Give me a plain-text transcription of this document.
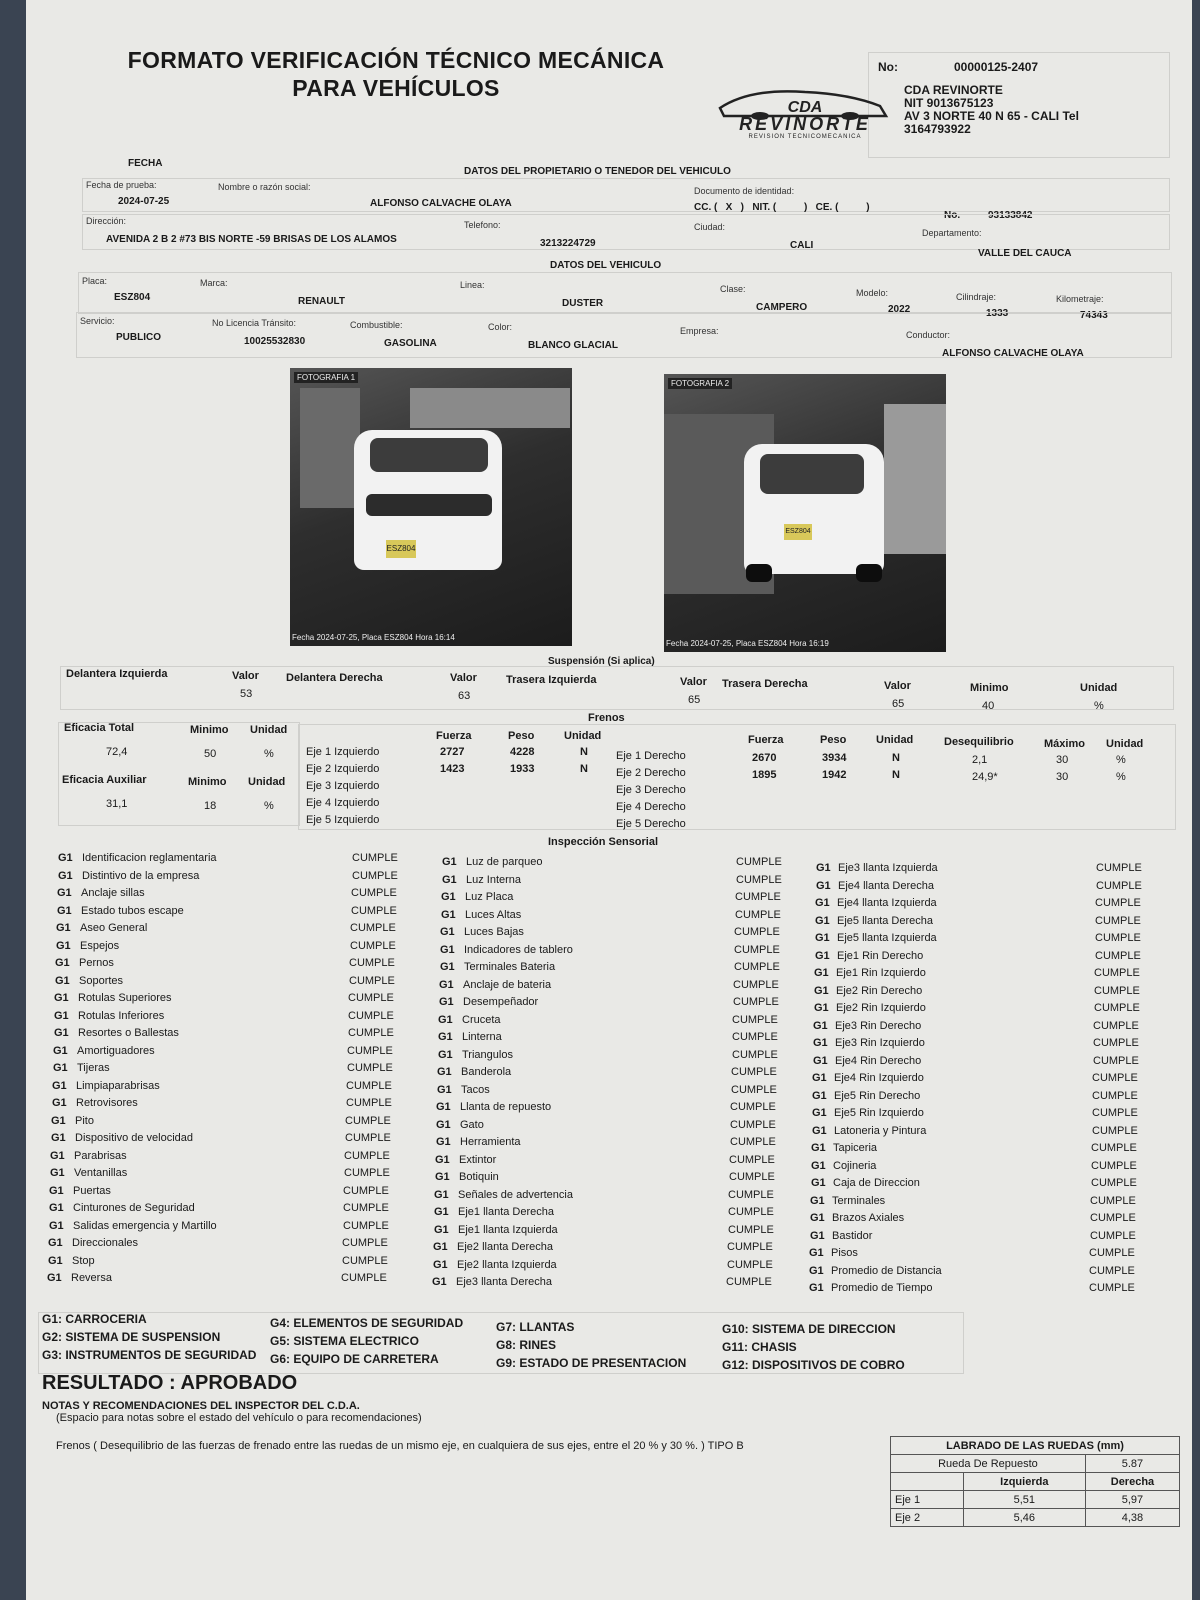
FORMATO VERIFICACIÓN TÉCNICO MECÁNICA
PARA VEHÍCULOS
No:	00000125-2407
CDA
REVINORTE
REVISION TECNICOMECANICA
CDA REVINORTE
NIT 9013675123
AV 3 NORTE 40 N 65 - CALI Tel
3164793922
FECHA
DATOS DEL PROPIETARIO O TENEDOR DEL VEHICULO
Fecha de prueba:
2024-07-25
Nombre o razón social:
ALFONSO CALVACHE OLAYA
Documento de identidad:
CC. (   X   )   NIT. (          )   CE. (          )
No.	93133842
Dirección:
AVENIDA 2 B 2 #73 BIS NORTE -59 BRISAS DE LOS ALAMOS
Telefono:
3213224729
Ciudad:
CALI
Departamento:
VALLE DEL CAUCA
DATOS DEL VEHICULO
Placa:
ESZ804
Marca:
RENAULT
Linea:
DUSTER
Clase:
CAMPERO
Modelo:
2022
Cilindraje:
1333
Kilometraje:
74343
Servicio:
PUBLICO
No Licencia Tránsito:
10025532830
Combustible:
GASOLINA
Color:
BLANCO GLACIAL
Empresa:	Conductor:
ALFONSO CALVACHE OLAYA
FOTOGRAFIA 1
ESZ804
Fecha 2024-07-25, Placa ESZ804 Hora 16:14
FOTOGRAFIA 2
ESZ804
Fecha 2024-07-25, Placa ESZ804 Hora 16:19
Suspensión (Si aplica)
Delantera Izquierda	Valor
53
Delantera Derecha	Valor
63
Trasera Izquierda	Valor
65
Trasera Derecha	Valor
65
Minimo
40
Unidad
%
Frenos
Eficacia Total	Minimo Unidad
72,4	50	%
Eficacia Auxiliar	Minimo Unidad
31,1	18	%
Fuerza	Peso	Unidad	Fuerza	Peso	Unidad	Desequilibrio	Máximo Unidad
Inspección Sensorial
RESULTADO : APROBADO
NOTAS Y RECOMENDACIONES DEL INSPECTOR DEL C.D.A.
(Espacio para notas sobre el estado del vehículo o para recomendaciones)
Frenos ( Desequilibrio de las fuerzas de frenado entre las ruedas de un mismo eje, en cualquiera de sus ejes, entre el 20 % y 30 %. ) TIPO B	LABRADO DE LAS RUEDAS (mm)		
Rueda De Repuesto		5.87
	Izquierda	Derecha
Eje 1	5,51	5,97
Eje 2	5,46	4,38
Eje 1 Izquierdo	2727	4228	N
Eje 2 Izquierdo	1423	1933	N
Eje 3 Izquierdo
Eje 4 Izquierdo
Eje 5 Izquierdo
Eje 1 Derecho	2670	3934	N	2,1	30	%
Eje 2 Derecho	1895	1942	N	24,9*	30	%
Eje 3 Derecho
Eje 4 Derecho
Eje 5 Derecho
G1 Identificacion reglamentaria	CUMPLE
G1 Distintivo de la empresa	CUMPLE
G1 Anclaje sillas	CUMPLE
G1 Estado tubos escape	CUMPLE
G1 Aseo General	CUMPLE
G1 Espejos	CUMPLE
G1 Pernos	CUMPLE
G1 Soportes	CUMPLE
G1 Rotulas Superiores	CUMPLE
G1 Rotulas Inferiores	CUMPLE
G1 Resortes o Ballestas	CUMPLE
G1 Amortiguadores	CUMPLE
G1 Tijeras	CUMPLE
G1 Limpiaparabrisas	CUMPLE
G1 Retrovisores	CUMPLE
G1 Pito	CUMPLE
G1 Dispositivo de velocidad	CUMPLE
G1 Parabrisas	CUMPLE
G1 Ventanillas	CUMPLE
G1 Puertas	CUMPLE
G1 Cinturones de Seguridad	CUMPLE
G1 Salidas emergencia y Martillo	CUMPLE
G1 Direccionales	CUMPLE
G1 Stop	CUMPLE
G1 Reversa	CUMPLE
G1 Luz de parqueo	CUMPLE
G1 Luz Interna	CUMPLE
G1 Luz Placa	CUMPLE
G1 Luces Altas	CUMPLE
G1 Luces Bajas	CUMPLE
G1 Indicadores de tablero	CUMPLE
G1 Terminales Bateria	CUMPLE
G1 Anclaje de bateria	CUMPLE
G1 Desempeñador	CUMPLE
G1 Cruceta	CUMPLE
G1 Linterna	CUMPLE
G1 Triangulos	CUMPLE
G1 Banderola	CUMPLE
G1 Tacos	CUMPLE
G1 Llanta de repuesto	CUMPLE
G1 Gato	CUMPLE
G1 Herramienta	CUMPLE
G1 Extintor	CUMPLE
G1 Botiquin	CUMPLE
G1 Señales de advertencia	CUMPLE
G1 Eje1 llanta Derecha	CUMPLE
G1 Eje1 llanta Izquierda	CUMPLE
G1 Eje2 llanta Derecha	CUMPLE
G1 Eje2 llanta Izquierda	CUMPLE
G1 Eje3 llanta Derecha	CUMPLE
G1 Eje3 llanta Izquierda	CUMPLE
G1 Eje4 llanta Derecha	CUMPLE
G1 Eje4 llanta Izquierda	CUMPLE
G1 Eje5 llanta Derecha	CUMPLE
G1 Eje5 llanta Izquierda	CUMPLE
G1 Eje1 Rin Derecho	CUMPLE
G1 Eje1 Rin Izquierdo	CUMPLE
G1 Eje2 Rin Derecho	CUMPLE
G1 Eje2 Rin Izquierdo	CUMPLE
G1 Eje3 Rin Derecho	CUMPLE
G1 Eje3 Rin Izquierdo	CUMPLE
G1 Eje4 Rin Derecho	CUMPLE
G1 Eje4 Rin Izquierdo	CUMPLE
G1 Eje5 Rin Derecho	CUMPLE
G1 Eje5 Rin Izquierdo	CUMPLE
G1 Latoneria y Pintura	CUMPLE
G1 Tapiceria	CUMPLE
G1 Cojineria	CUMPLE
G1 Caja de Direccion	CUMPLE
G1 Terminales	CUMPLE
G1 Brazos Axiales	CUMPLE
G1 Bastidor	CUMPLE
G1 Pisos	CUMPLE
G1 Promedio de Distancia	CUMPLE
G1 Promedio de Tiempo	CUMPLE
G1: CARROCERIA
G2: SISTEMA DE SUSPENSION
G3: INSTRUMENTOS DE SEGURIDAD
G4: ELEMENTOS DE SEGURIDAD
G5: SISTEMA ELECTRICO
G6: EQUIPO DE CARRETERA
G7: LLANTAS
G8: RINES
G9: ESTADO DE PRESENTACION
G10: SISTEMA DE DIRECCION
G11: CHASIS
G12: DISPOSITIVOS DE COBRO
